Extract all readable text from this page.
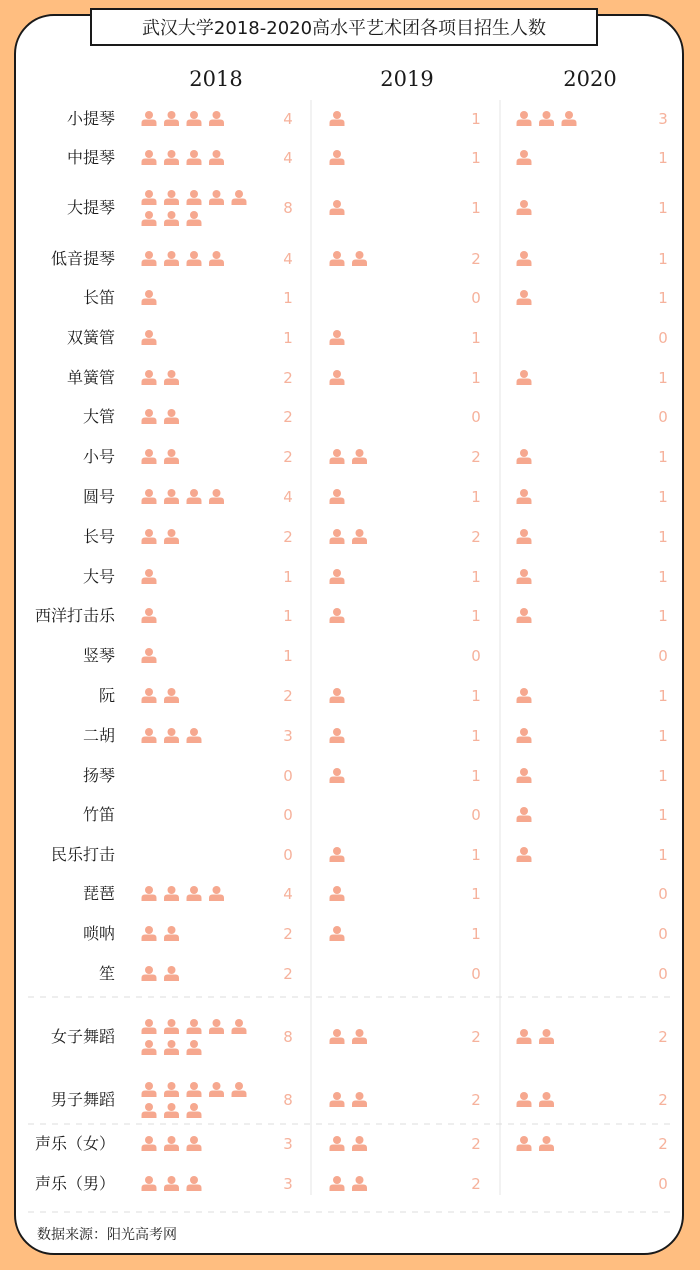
武汉大学2018-2020高水平艺术团各项目招生人数
2018	2019	2020
小提琴	4	1	3
中提琴	4	1	1
大提琴	8	1	1
低音提琴	4	2	1
长笛	1	0	1
双簧管	1	1	0
单簧管	2	1	1
大管	2	0	0
小号	2	2	1
圆号	4	1	1
长号	2	2	1
大号	1	1	1
西洋打击乐	1	1	1
竖琴	1	0	0
阮	2	1	1
二胡	3	1	1
扬琴	0	1	1
竹笛	0	0	1
民乐打击	0	1	1
琵琶	4	1	0
唢呐	2	1	0
笙	2	0	0
女子舞蹈	8	2	2
男子舞蹈	8	2	2
声乐（女）	3	2	2
声乐（男）	3	2	0
数据来源：阳光高考网
